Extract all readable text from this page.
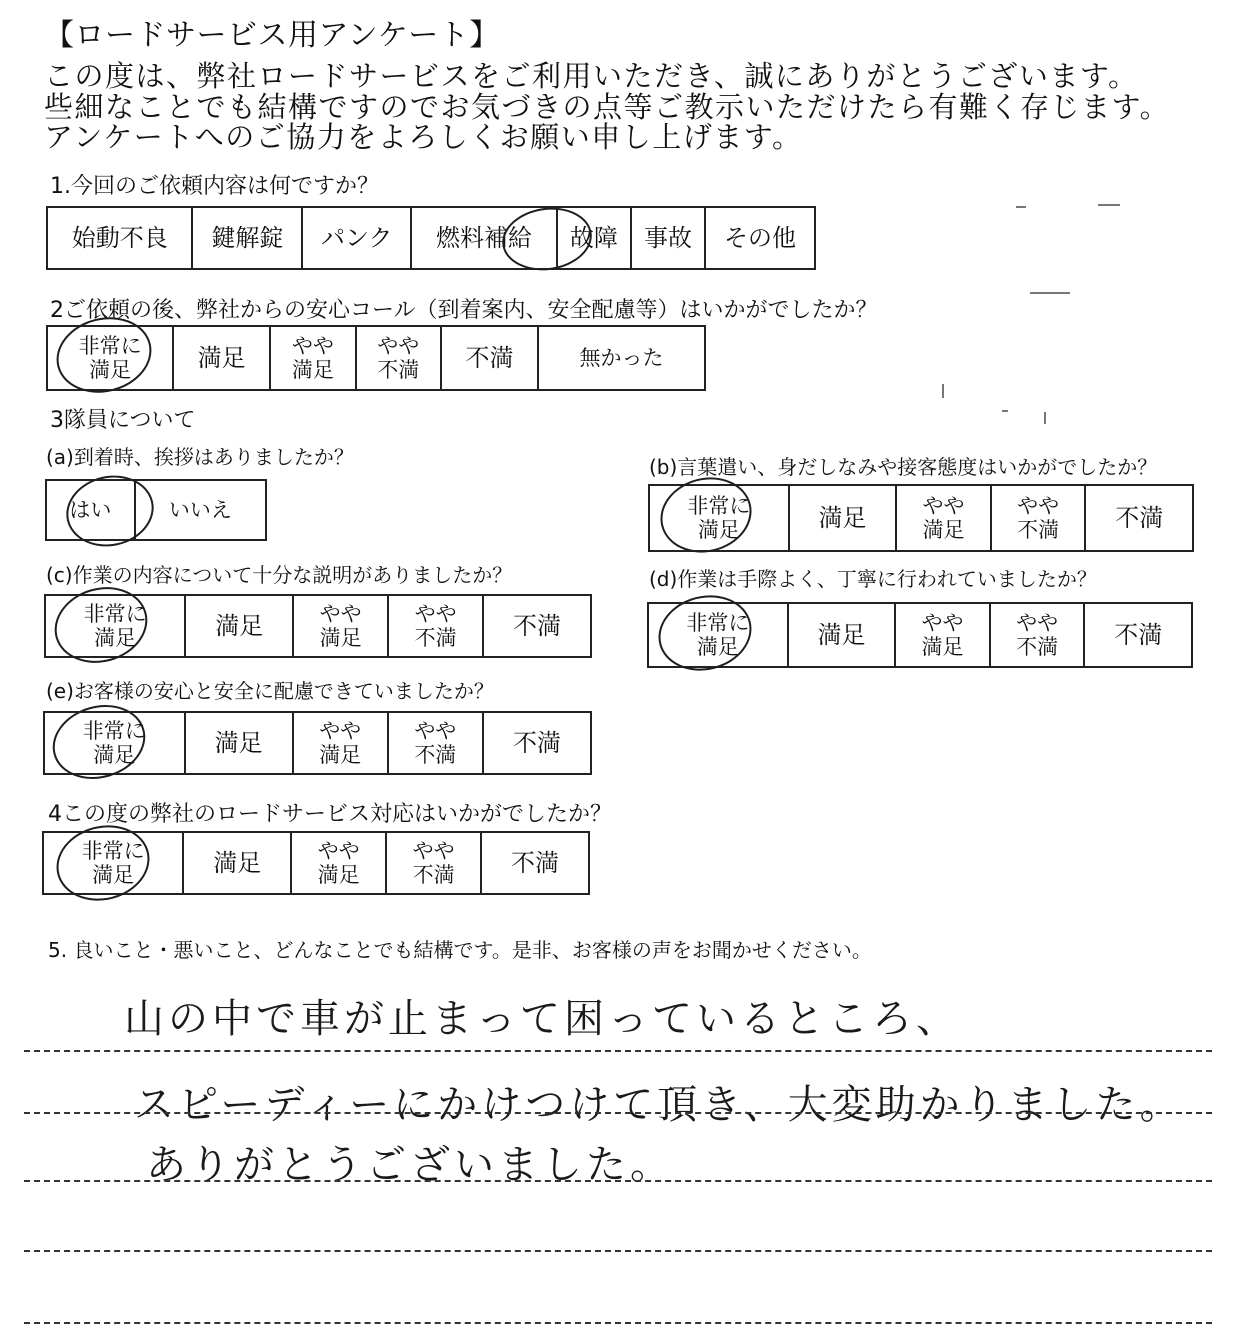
【ロードサービス用アンケート】
この度は、弊社ロードサービスをご利用いただき、誠にありがとうございます。
些細なことでも結構ですのでお気づきの点等ご教示いただけたら有難く存じます。
アンケートへのご協力をよろしくお願い申し上げます。
1.今回のご依頼内容は何ですか？
始動不良	鍵解錠	パンク	燃料補給	故障	事故	その他
2ご依頼の後、弊社からの安心コール（到着案内、安全配慮等）はいかがでしたか？
非常に
満足	満足	やや
満足

やや
不満	不満	無かった
3隊員について
(a)到着時、挨拶はありましたか？
はい	いいえ
(b)言葉遣い、身だしなみや接客態度はいかがでしたか？
非常に
満足	満足	やや
満足

やや
不満	不満
(c)作業の内容について十分な説明がありましたか？
非常に
満足	満足	やや
満足

やや
不満	不満
(d)作業は手際よく、丁寧に行われていましたか？
非常に
満足	満足	やや
満足

やや
不満	不満
(e)お客様の安心と安全に配慮できていましたか？
非常に
満足	満足	やや
満足

やや
不満	不満
4この度の弊社のロードサービス対応はいかがでしたか？
非常に
満足	満足	やや
満足

やや
不満	不満
5. 良いこと・悪いこと、どんなことでも結構です。是非、お客様の声をお聞かせください。
山の中で車が止まって困っているところ、
スピーディーにかけつけて頂き、大変助かりました。
ありがとうございました。
